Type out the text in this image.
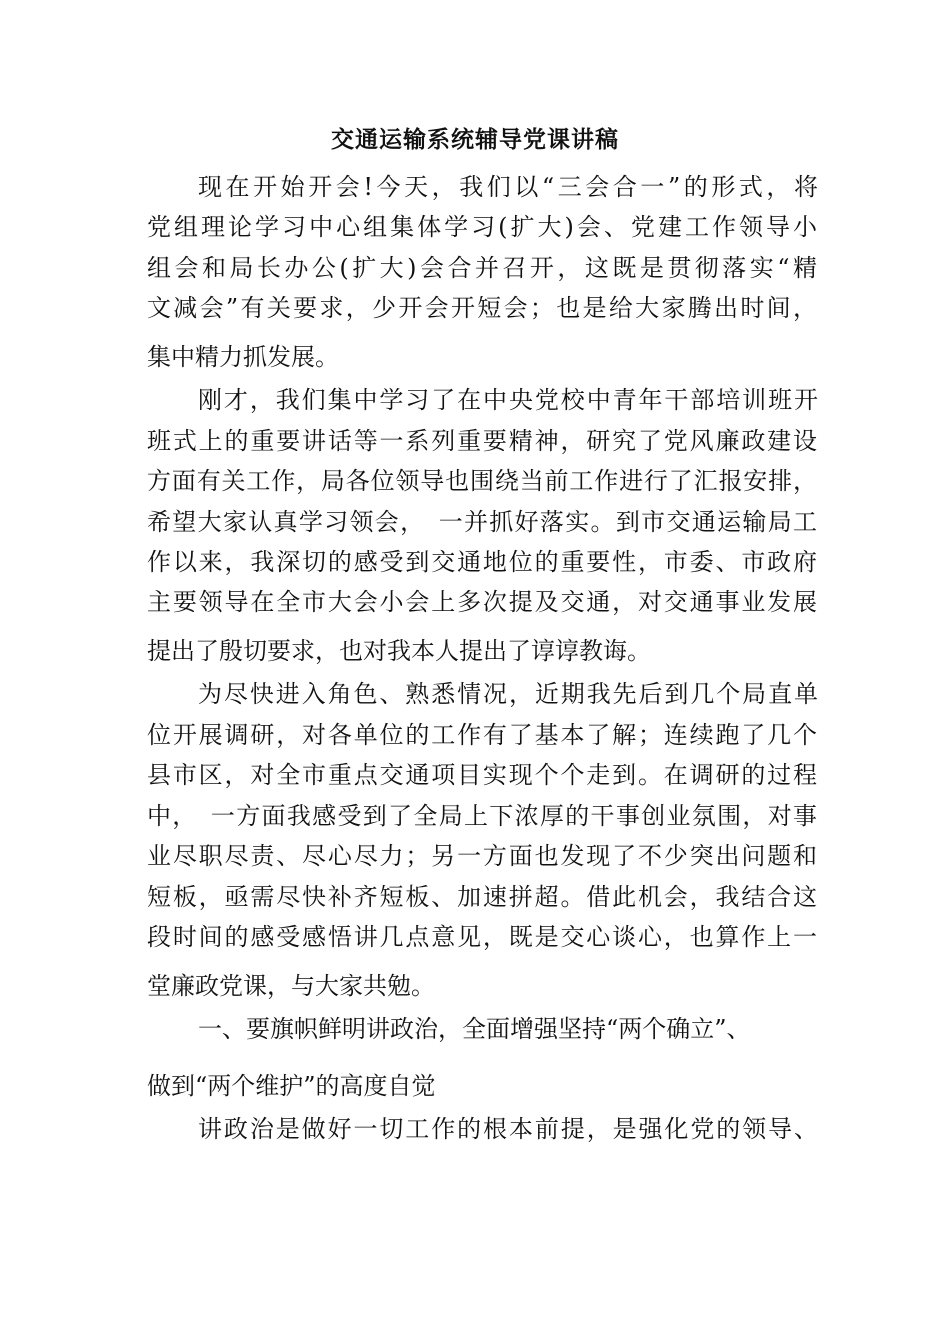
交通运输系统辅导党课讲稿

现在开始开会!今天，我们以“三会合一”的形式，将

党组理论学习中心组集体学习(扩大)会、党建工作领导小

组会和局长办公(扩大)会合并召开，这既是贯彻落实“精

文减会”有关要求，少开会开短会；也是给大家腾出时间，

集中精力抓发展。

刚才，我们集中学习了在中央党校中青年干部培训班开

班式上的重要讲话等一系列重要精神，研究了党风廉政建设

方面有关工作，局各位领导也围绕当前工作进行了汇报安排，

希望大家认真学习领会，　一并抓好落实。到市交通运输局工

作以来，我深切的感受到交通地位的重要性，市委、市政府

主要领导在全市大会小会上多次提及交通，对交通事业发展

提出了殷切要求，也对我本人提出了谆谆教诲。

为尽快进入角色、熟悉情况，近期我先后到几个局直单

位开展调研，对各单位的工作有了基本了解；连续跑了几个

县市区，对全市重点交通项目实现个个走到。在调研的过程

中，　一方面我感受到了全局上下浓厚的干事创业氛围，对事

业尽职尽责、尽心尽力；另一方面也发现了不少突出问题和

短板，亟需尽快补齐短板、加速拼超。借此机会，我结合这

段时间的感受感悟讲几点意见，既是交心谈心，也算作上一

堂廉政党课，与大家共勉。

一、要旗帜鲜明讲政治，全面增强坚持“两个确立”、

做到“两个维护”的高度自觉

讲政治是做好一切工作的根本前提，是强化党的领导、
